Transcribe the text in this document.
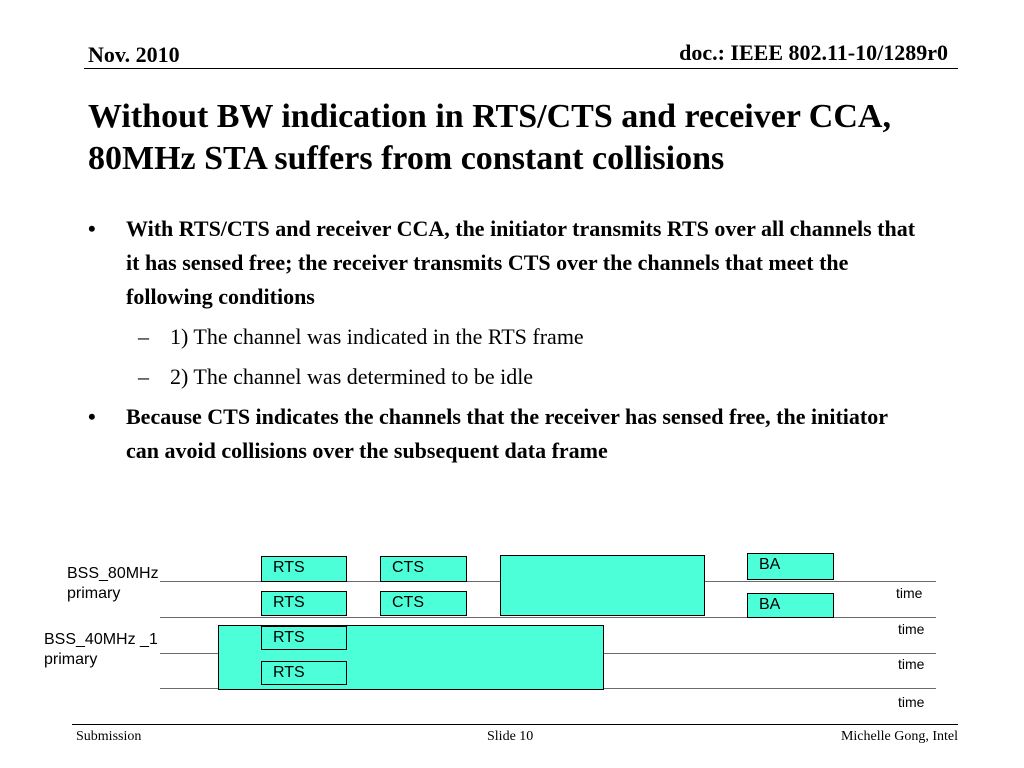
Nov. 2010	doc.: IEEE 802.11-10/1289r0
Without BW indication in RTS/CTS and receiver CCA,
80MHz STA suffers from constant collisions
• With RTS/CTS and receiver CCA, the initiator transmits RTS over all channels that it has sensed free; the receiver transmits CTS over the channels that meet the following conditions
– 1) The channel was indicated in the RTS frame
– 2) The channel was determined to be idle
• Because CTS indicates the channels that the receiver has sensed free, the initiator can avoid collisions over the subsequent data frame
BSS_80MHz primary
BSS_40MHz _1 primary
RTS
RTS
RTS
RTS
CTS
CTS
BA
BA
time
time
time
time
Submission	Slide 10	Michelle Gong, Intel
